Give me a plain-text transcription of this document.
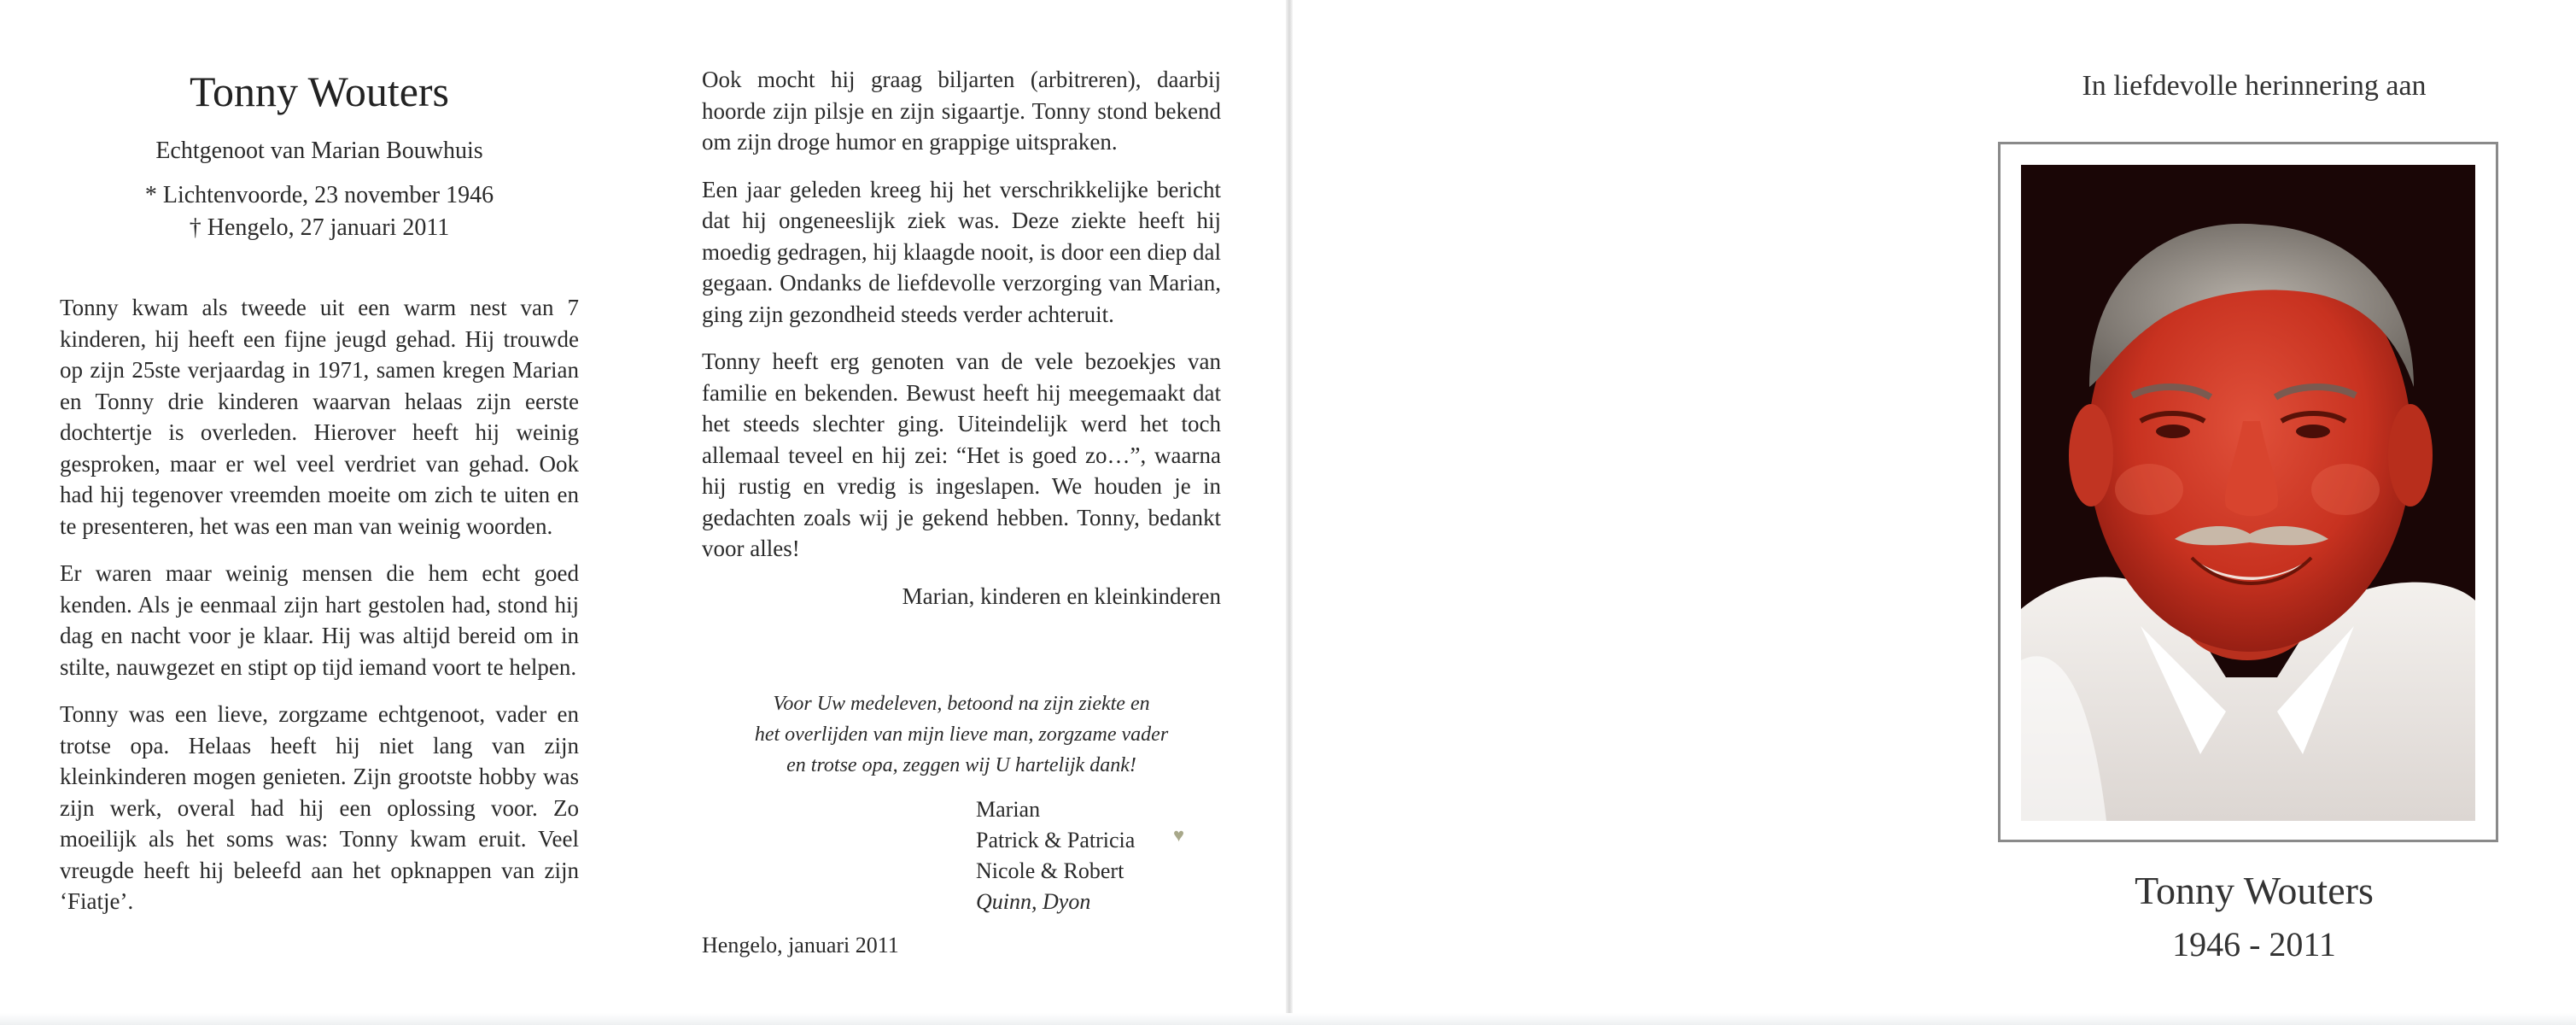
Tonny Wouters
Echtgenoot van Marian Bouwhuis
* Lichtenvoorde, 23 november 1946
† Hengelo, 27 januari 2011

Tonny kwam als tweede uit een warm nest van 7 kinderen, hij heeft een fijne jeugd gehad. Hij trouwde op zijn 25ste verjaardag in 1971, samen kregen Marian en Tonny drie kinderen waarvan helaas zijn eerste dochtertje is overleden. Hierover heeft hij weinig gesproken, maar er wel veel verdriet van gehad. Ook had hij tegenover vreemden moeite om zich te uiten en te presenteren, het was een man van weinig woorden.

Er waren maar weinig mensen die hem echt goed kenden. Als je eenmaal zijn hart gestolen had, stond hij dag en nacht voor je klaar. Hij was altijd bereid om in stilte, nauwgezet en stipt op tijd iemand voort te helpen.

Tonny was een lieve, zorgzame echtgenoot, vader en trotse opa. Helaas heeft hij niet lang van zijn kleinkinderen mogen genieten. Zijn grootste hobby was zijn werk, overal had hij een oplossing voor. Zo moeilijk als het soms was: Tonny kwam eruit. Veel vreugde heeft hij beleefd aan het opknappen van zijn ‘Fiatje’.

Ook mocht hij graag biljarten (arbitreren), daarbij hoorde zijn pilsje en zijn sigaartje. Tonny stond bekend om zijn droge humor en grappige uitspraken.

Een jaar geleden kreeg hij het verschrikkelijke bericht dat hij ongeneeslijk ziek was. Deze ziekte heeft hij moedig gedragen, hij klaagde nooit, is door een diep dal gegaan. Ondanks de liefdevolle verzorging van Marian, ging zijn gezondheid steeds verder achteruit.

Tonny heeft erg genoten van de vele bezoekjes van familie en bekenden. Bewust heeft hij meegemaakt dat het steeds slechter ging. Uiteindelijk werd het toch allemaal teveel en hij zei: “Het is goed zo…”, waarna hij rustig en vredig is ingeslapen. We houden je in gedachten zoals wij je gekend hebben. Tonny, bedankt voor alles!

Marian, kinderen en kleinkinderen

Voor Uw medeleven, betoond na zijn ziekte en
het overlijden van mijn lieve man, zorgzame vader
en trotse opa, zeggen wij U hartelijk dank!
Marian
Patrick & Patricia
Nicole & Robert
Quinn, Dyon
♥
Hengelo, januari 2011
In liefdevolle herinnering aan
Tonny Wouters
1946 - 2011
